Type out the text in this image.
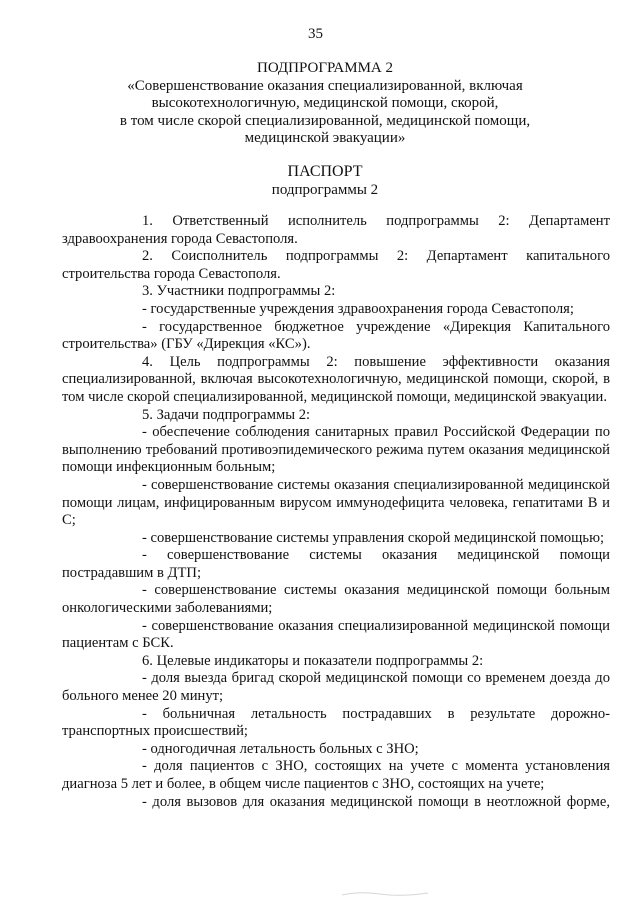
35
ПОДПРОГРАММА 2
«Совершенствование оказания специализированной, включая
высокотехнологичную, медицинской помощи, скорой,
в том числе скорой специализированной, медицинской помощи,
медицинской эвакуации»
ПАСПОРТ
подпрограммы 2

1. Ответственный исполнитель подпрограммы 2: Департамент здравоохранения города Севастополя.

2. Соисполнитель подпрограммы 2: Департамент капитального строительства города Севастополя.

3. Участники подпрограммы 2:

- государственные учреждения здравоохранения города Севастополя;

- государственное бюджетное учреждение «Дирекция Капитального строительства» (ГБУ «Дирекция «КС»).

4. Цель подпрограммы 2: повышение эффективности оказания специализированной, включая высокотехнологичную, медицинской помощи, скорой, в том числе скорой специализированной, медицинской помощи, медицинской эвакуации.

5. Задачи подпрограммы 2:

- обеспечение соблюдения санитарных правил Российской Федерации по выполнению требований противоэпидемического режима путем оказания медицинской помощи инфекционным больным;

- совершенствование системы оказания специализированной медицинской помощи лицам, инфицированным вирусом иммунодефицита человека, гепатитами В и С;

- совершенствование системы управления скорой медицинской помощью;

- совершенствование системы оказания медицинской помощи пострадавшим в ДТП;

- совершенствование системы оказания медицинской помощи больным онкологическими заболеваниями;

- совершенствование оказания специализированной медицинской помощи пациентам с БСК.

6. Целевые индикаторы и показатели подпрограммы 2:

- доля выезда бригад скорой медицинской помощи со временем доезда до больного менее 20 минут;

- больничная летальность пострадавших в результате дорожно-транспортных происшествий;

- одногодичная летальность больных с ЗНО;

- доля пациентов с ЗНО, состоящих на учете с момента установления диагноза 5 лет и более, в общем числе пациентов с ЗНО, состоящих на учете;

- доля вызовов для оказания медицинской помощи в неотложной форме,
